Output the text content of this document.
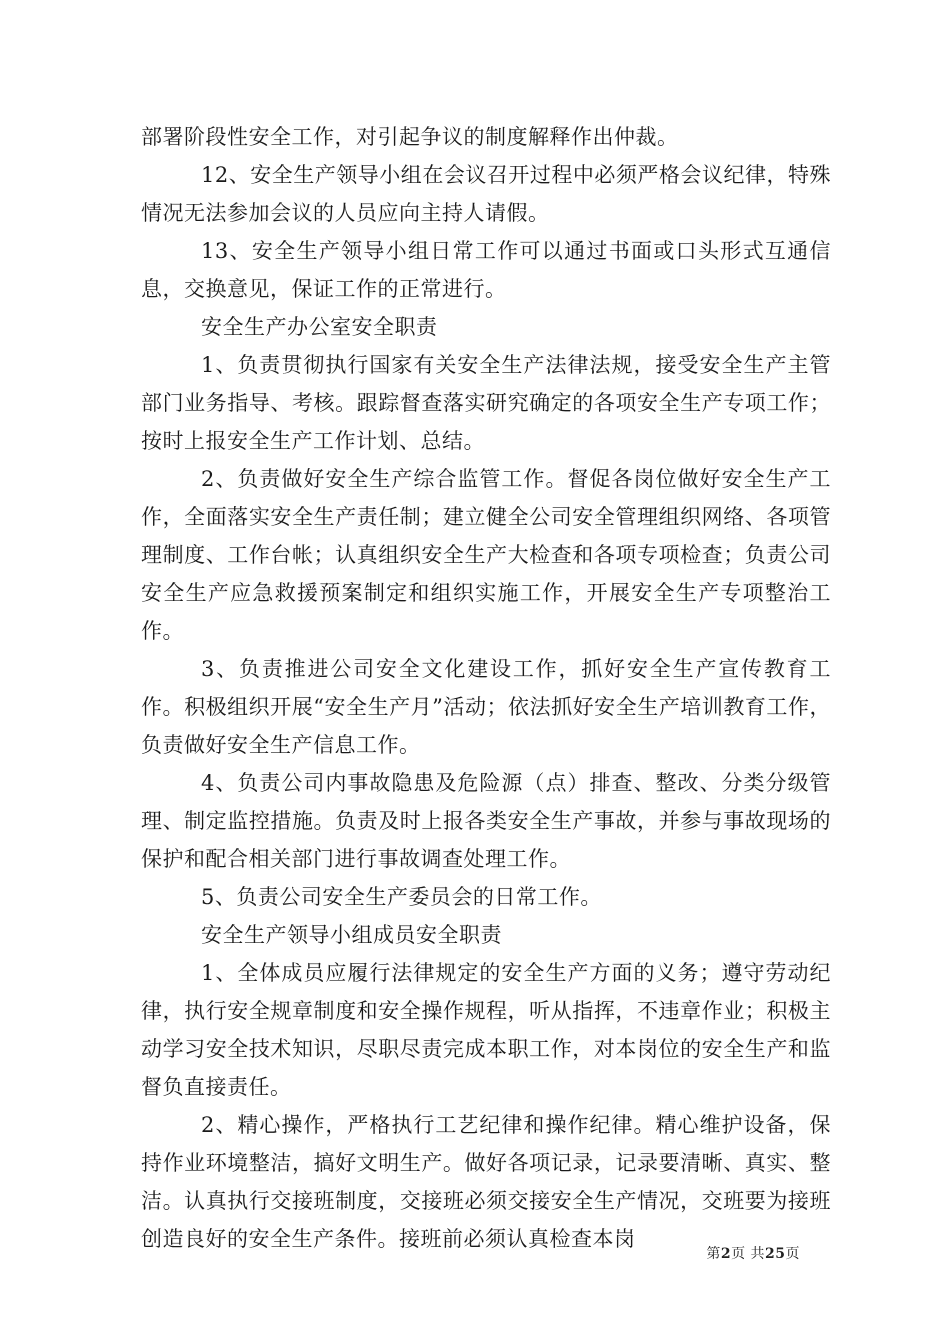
部署阶段性安全工作，对引起争议的制度解释作出仲裁。

12、安全生产领导小组在会议召开过程中必须严格会议纪律，特殊情况无法参加会议的人员应向主持人请假。

13、安全生产领导小组日常工作可以通过书面或口头形式互通信息，交换意见，保证工作的正常进行。

安全生产办公室安全职责

1、负责贯彻执行国家有关安全生产法律法规，接受安全生产主管部门业务指导、考核。跟踪督查落实研究确定的各项安全生产专项工作；按时上报安全生产工作计划、总结。

2、负责做好安全生产综合监管工作。督促各岗位做好安全生产工作，全面落实安全生产责任制；建立健全公司安全管理组织网络、各项管理制度、工作台帐；认真组织安全生产大检查和各项专项检查；负责公司安全生产应急救援预案制定和组织实施工作，开展安全生产专项整治工作。

3、负责推进公司安全文化建设工作，抓好安全生产宣传教育工作。积极组织开展“安全生产月”活动；依法抓好安全生产培训教育工作，负责做好安全生产信息工作。

4、负责公司内事故隐患及危险源（点）排查、整改、分类分级管理、制定监控措施。负责及时上报各类安全生产事故，并参与事故现场的保护和配合相关部门进行事故调查处理工作。

5、负责公司安全生产委员会的日常工作。

安全生产领导小组成员安全职责

1、全体成员应履行法律规定的安全生产方面的义务；遵守劳动纪律，执行安全规章制度和安全操作规程，听从指挥，不违章作业；积极主动学习安全技术知识，尽职尽责完成本职工作，对本岗位的安全生产和监督负直接责任。

2、精心操作，严格执行工艺纪律和操作纪律。精心维护设备，保持作业环境整洁，搞好文明生产。做好各项记录，记录要清晰、真实、整洁。认真执行交接班制度，交接班必须交接安全生产情况，交班要为接班创造良好的安全生产条件。接班前必须认真检查本岗

第2页 共25页
